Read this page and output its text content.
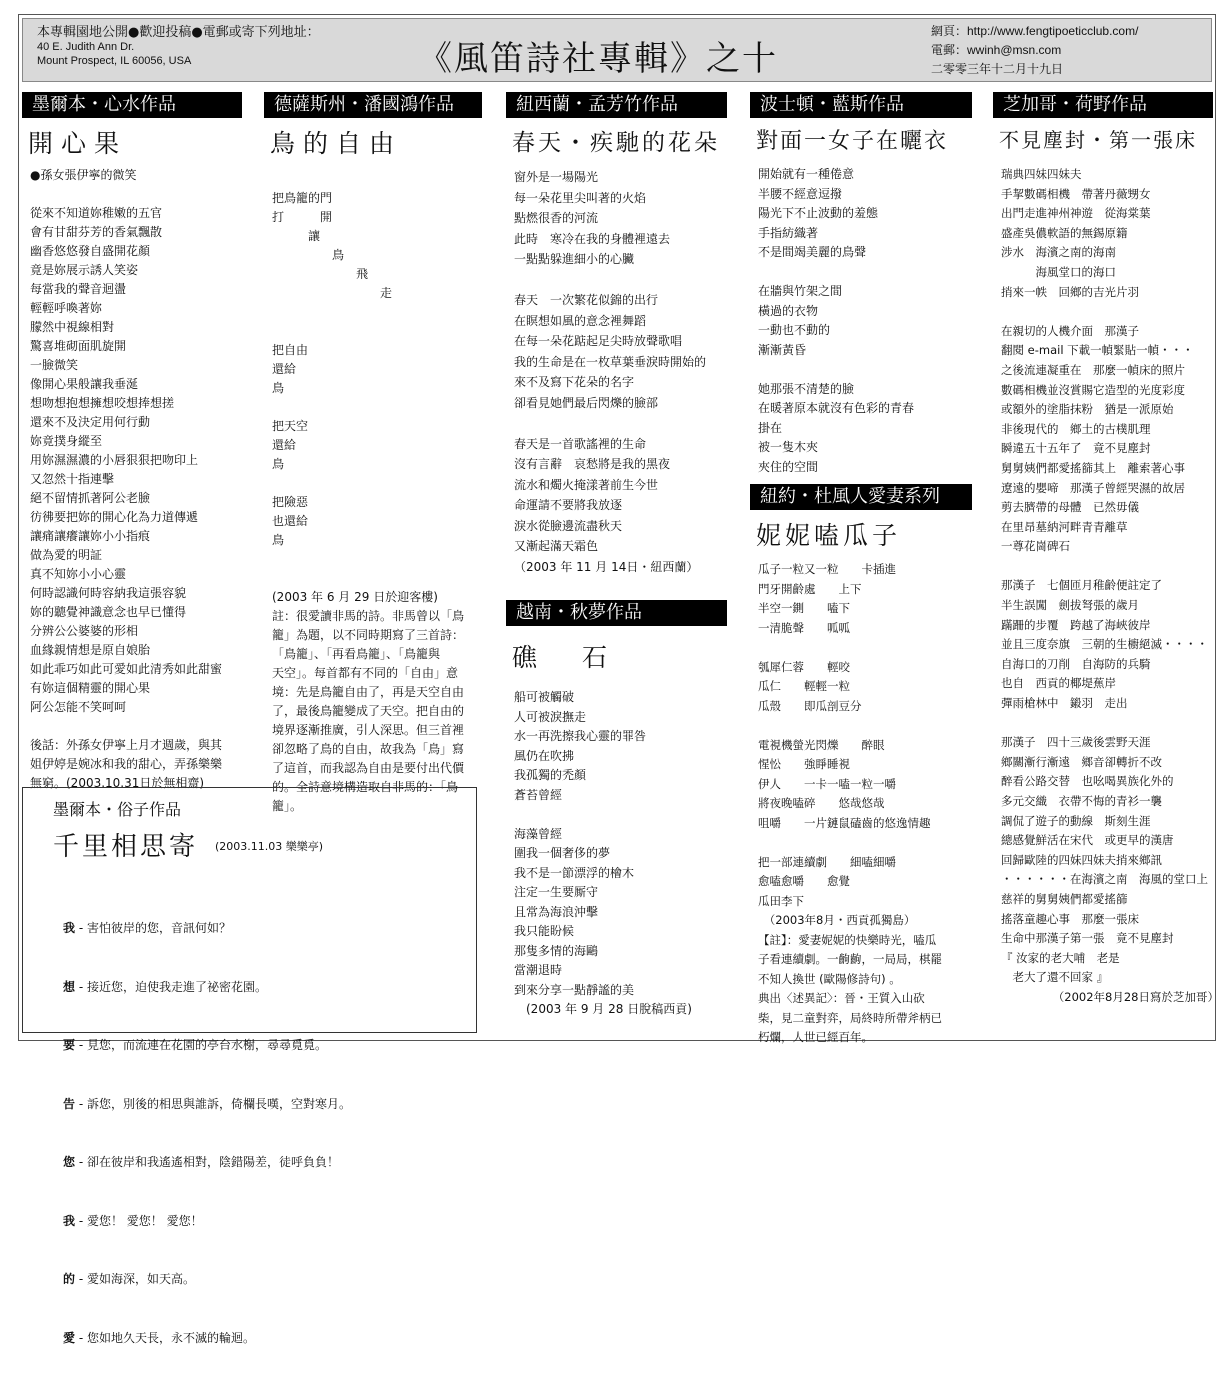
本專輯園地公開●歡迎投稿●電郵或寄下列地址：
40 E. Judith Ann Dr.
Mount Prospect, IL 60056, USA	《風笛詩社專輯》之十
網頁：http://www.fengtipoeticclub.com/
電郵：wwinh@msn.com
二零零三年十二月十九日
墨爾本・心水作品
開心果
●孫女張伊寧的微笑

從來不知道妳稚嫩的五官
會有甘甜芬芳的香氣飄散
幽香悠悠發自盛開花顏
竟是妳展示誘人笑姿
每當我的聲音迴盪
輕輕呼喚著妳
朦然中視線相對
驚喜堆砌面肌旋開
一臉微笑
像開心果般讓我垂涎
想吻想抱想擁想咬想捧想搓
還來不及決定用何行動
妳竟撲身縱至
用妳濕濕濃的小唇狠狠把吻印上
又忽然十指連擊
絕不留情抓著阿公老臉
彷彿要把妳的開心化為力道傳遞
讓痛讓癢讓妳小小指痕
做為愛的明証
真不知妳小小心靈
何時認識何時容納我這張容貌
妳的聽覺神識意念也早已懂得
分辨公公婆婆的形相
血緣親情想是原自娘胎
如此乖巧如此可愛如此清秀如此甜蜜
有妳這個精靈的開心果
阿公怎能不笑呵呵

後話：外孫女伊寧上月才週歲，與其
姐伊婷是婉冰和我的甜心，弄孫樂樂
無窮。(2003.10.31日於無相齋)
德薩斯州・潘國鴻作品
鳥的自由

把鳥籠的門
打　　　開
　　　讓
　　　　　鳥
　　　　　　　飛
　　　　　　　　　走

把自由
還給
鳥

把天空
還給
鳥

把險惡
也還給
鳥

(2003 年 6 月 29 日於迎客樓)
註：很愛讀非馬的詩。非馬曾以「鳥
籠」為題，以不同時期寫了三首詩：
「鳥籠」、「再看鳥籠」、「鳥籠與
天空」。每首都有不同的「自由」意
境：先是鳥籠自由了，再是天空自由
了，最後鳥籠變成了天空。把自由的
境界逐漸推廣，引人深思。但三首裡
卻忽略了鳥的自由，故我為「鳥」寫
了這首，而我認為自由是要付出代價
的。全詩意境構造取自非馬的：「鳥
籠」。
紐西蘭・孟芳竹作品
春天・疾馳的花朵
窗外是一場陽光
每一朵花里尖叫著的火焰
點燃很香的河流
此時　寒冷在我的身體裡遠去
一點點躲進細小的心臟

春天　一次繁花似錦的出行
在瞑想如風的意念裡舞蹈
在每一朵花踮起足尖時放聲歌唱
我的生命是在一枚草葉垂淚時開始的
來不及寫下花朵的名字
卻看見她們最后閃爍的臉部

春天是一首歌謠裡的生命
沒有言辭　哀愁將是我的黑夜
流水和燭火掩漾著前生今世
命運請不要將我放逐
淚水從臉邊流盡秋天
又漸起滿天霜色
（2003 年 11 月 14日・紐西蘭）
越南・秋夢作品
礁　石
船可被觸破
人可被淚撫走
水一再洗擦我心靈的罪咎
風仍在吹拂
我孤獨的禿顏
蒼苔曾經

海藻曾經
圍我一個奢侈的夢
我不是一節漂浮的檜木
注定一生要厮守
且常為海浪沖擊
我只能盼候
那隻多情的海鷗
當潮退時
到來分享一點靜謐的美
　(2003 年 9 月 28 日脫稿西貢)
波士頓・藍斯作品
對面一女子在曬衣
開始就有一種倦意
半腰不經意逗撥
陽光下不止波動的羞態
手指紡織著
不是間竭美麗的鳥聲

在牆與竹架之間
橫過的衣物
一動也不動的
漸漸黃昏

她那張不清楚的臉
在暖著原本就沒有色彩的青春
掛在
被一隻木夾
夾住的空間
紐約・杜風人愛妻系列
妮妮嗑瓜子
瓜子一粒又一粒　　卡插進
門牙開齡處　　上下
半空一鍘　　嗑下
一清脆聲　　呱呱

瓠犀仁蓉　　輕咬
瓜仁　　輕輕一粒
瓜殼　　即瓜剖豆分

電視機螢光閃爍　　醉眼
惺忪　　強睜睡視
伊人　　一卡一嗑一粒一嚼
將夜晚嗑碎　　悠哉悠哉
咀嚼　　一片鏈鼠磕齒的悠逸情趣

把一部連續劇　　細嗑細嚼
愈嗑愈嚼　　愈覺
瓜田李下
　（2003年8月・西貢孤獨島）
【註】：愛妻妮妮的快樂時光，嗑瓜
子看連續劇。一齣齣，一局局，棋罷
不知人換世 (歐陽修詩句) 。
典出〈述異記〉：晉・王質入山砍
柴，見二童對弈，局終時所帶斧柄已
朽爛，人世已經百年。
芝加哥・荷野作品
不見塵封・第一張床
瑞典四妹四妹夫
手挈數碼相機　帶著丹薇甥女
出門走進神州神遊　從海棠葉
盛產吳儂軟語的無錫原籍
涉水　海濱之南的海南
　　　海風堂口的海口
捎來一帙　回鄉的吉光片羽

在親切的人機介面　那漢子
翻閱 e-mail 下載一幀緊貼一幀・・・
之後流連凝重在　那麼一幀床的照片
數碼相機並沒賞賜它造型的光度彩度
或額外的塗脂抹粉　猶是一派原始
非後現代的　鄉土的古樸肌理
瞬違五十五年了　竟不見塵封
舅舅姨們都愛搖篩其上　離索著心事
遼遠的嬰啼　那漢子曾經哭濕的故居
剪去臍帶的母體　已然毋儀
在里昂墓納河畔青青離草
一尊花崗碑石

那漢子　七個匝月稚齡便註定了
半生誤闖　劍拔弩張的歲月
蹣跚的步覆　跨越了海峽彼岸
並且三度奈旗　三朝的生櫥絕滅・・・・
自海口的刀削　自海防的兵騎
也自　西貢的椰堤蕉岸
彈雨槍林中　鎩羽　走出

那漢子　四十三歲後雲野天涯
鄉關漸行漸遠　鄉音卻轉折不改
醉看公路交替　也吆喝異族化外的
多元交織　衣帶不悔的青衫一襲
調侃了遊子的動線　斯刻生涯
總感覺鮮活在宋代　或更早的漢唐
回歸歐陸的四妹四妹夫捎來鄉訊
・・・・・・在海濱之南　海風的堂口上
慈祥的舅舅姨們都愛搖篩
搖落童趣心事　那麼一張床
生命中那漢子第一張　竟不見塵封
『 汝家的老大哺　老是
　老大了還不回家 』
　　　　　（2002年8月28日寫於芝加哥）
墨爾本・俗子作品
千里相思寄 (2003.11.03 樂樂亭)

我 - 害怕彼岸的您，音訊何如？

想 - 接近您，迫使我走進了祕密花園。

要 - 見您，而流連在花園的亭台水榭，尋尋覓覓。

告 - 訴您，別後的相思與誰訴，倚欄長嘆，空對寒月。

您 - 卻在彼岸和我遙遙相對，陰錯陽差，徒呼負負！

我 - 愛您！ 愛您！ 愛您！

的 - 愛如海深，如天高。

愛 - 您如地久天長，永不滅的輪迴。
